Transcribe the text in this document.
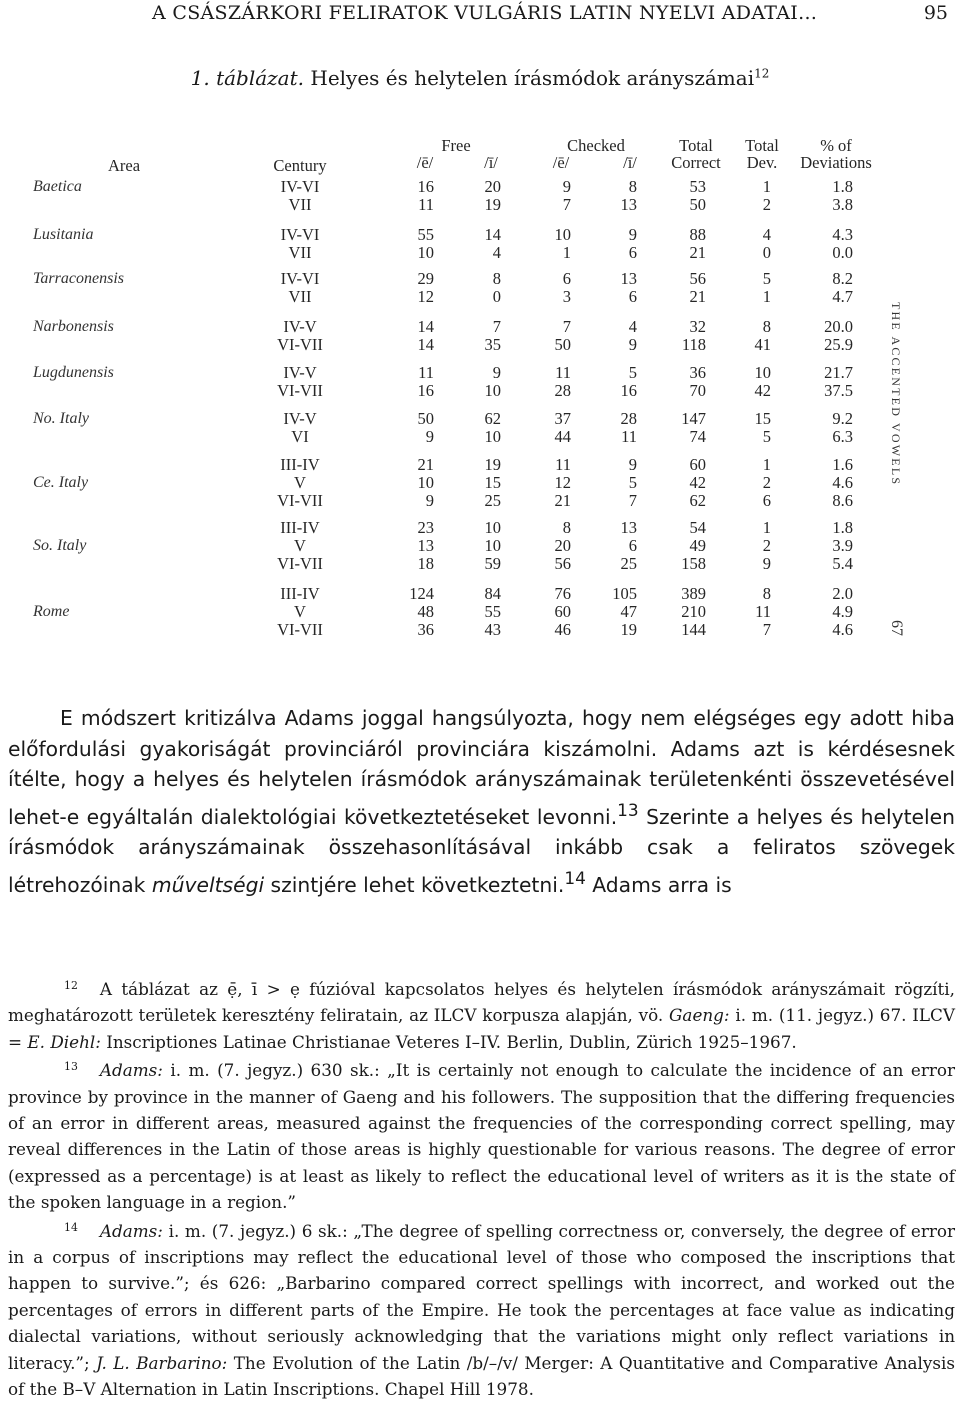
A CSÁSZÁRKORI FELIRATOK VULGÁRIS LATIN NYELVI ADATAI…	95
1. táblázat. Helyes és helytelen írásmódok arányszámai$^{12}$
Free	Checked	Total	Total	% of
Area	Century	/ē/	/ī/	/ē/	/ī/	Correct	Dev.	Deviations
Baetica	IV-VI	16	20	9	8	53	1	1.8
VII	11	19	7	13	50	2	3.8
Lusitania	IV-VI	55	14	10	9	88	4	4.3
VII	10	4	1	6	21	0	0.0
Tarraconensis	IV-VI	29	8	6	13	56	5	8.2
VII	12	0	3	6	21	1	4.7
Narbonensis	IV-V	14	7	7	4	32	8	20.0
VI-VII	14	35	50	9	118	41	25.9
Lugdunensis	IV-V	11	9	11	5	36	10	21.7
VI-VII	16	10	28	16	70	42	37.5
No. Italy	IV-V	50	62	37	28	147	15	9.2
VI	9	10	44	11	74	5	6.3
III-IV	21	19	11	9	60	1	1.6
Ce. Italy	V	10	15	12	5	42	2	4.6
VI-VII	9	25	21	7	62	6	8.6
III-IV	23	10	8	13	54	1	1.8
So. Italy	V	13	10	20	6	49	2	3.9
VI-VII	18	59	56	25	158	9	5.4
III-IV	124	84	76	105	389	8	2.0
Rome	V	48	55	60	47	210	11	4.9
VI-VII	36	43	46	19	144	7	4.6
THE ACCENTED VOWELS
67

E módszert kritizálva Adams joggal hangsúlyozta, hogy nem elégséges egy adott hiba előfordulási gyakoriságát provinciáról provinciára kiszámolni. Adams azt is kérdésesnek ítélte, hogy a helyes és helytelen írásmódok arányszámainak területenkénti összevetésével lehet-e egyáltalán dialektológiai következtetéseket levonni.$^{13}$ Szerinte a helyes és helytelen írásmódok arányszámainak összehasonlításával inkább csak a feliratos szövegek létrehozóinak műveltségi szintjére lehet következtetni.$^{14}$ Adams arra is

$^{12}$ A táblázat az ẹ̄, ī > ẹ fúzióval kapcsolatos helyes és helytelen írásmódok arányszámait rögzíti, meghatározott területek keresztény feliratain, az ILCV korpusza alapján, vö. Gaeng: i. m. (11. jegyz.) 67. ILCV = E. Diehl: Inscriptiones Latinae Christianae Veteres I–IV. Berlin, Dublin, Zürich 1925–1967.

$^{13}$ Adams: i. m. (7. jegyz.) 630 sk.: „It is certainly not enough to calculate the incidence of an error province by province in the manner of Gaeng and his followers. The supposition that the differing frequencies of an error in different areas, measured against the frequencies of the corresponding correct spelling, may reveal differences in the Latin of those areas is highly questionable for various reasons. The degree of error (expressed as a percentage) is at least as likely to reflect the educational level of writers as it is the state of the spoken language in a region.”

$^{14}$ Adams: i. m. (7. jegyz.) 6 sk.: „The degree of spelling correctness or, conversely, the degree of error in a corpus of inscriptions may reflect the educational level of those who composed the inscriptions that happen to survive.”; és 626: „Barbarino compared correct spellings with incorrect, and worked out the percentages of errors in different parts of the Empire. He took the percentages at face value as indicating dialectal variations, without seriously acknowledging that the variations might only reflect variations in literacy.”; J. L. Barbarino: The Evolution of the Latin /b/–/v/ Merger: A Quantitative and Comparative Analysis of the B–V Alternation in Latin Inscriptions. Chapel Hill 1978.
